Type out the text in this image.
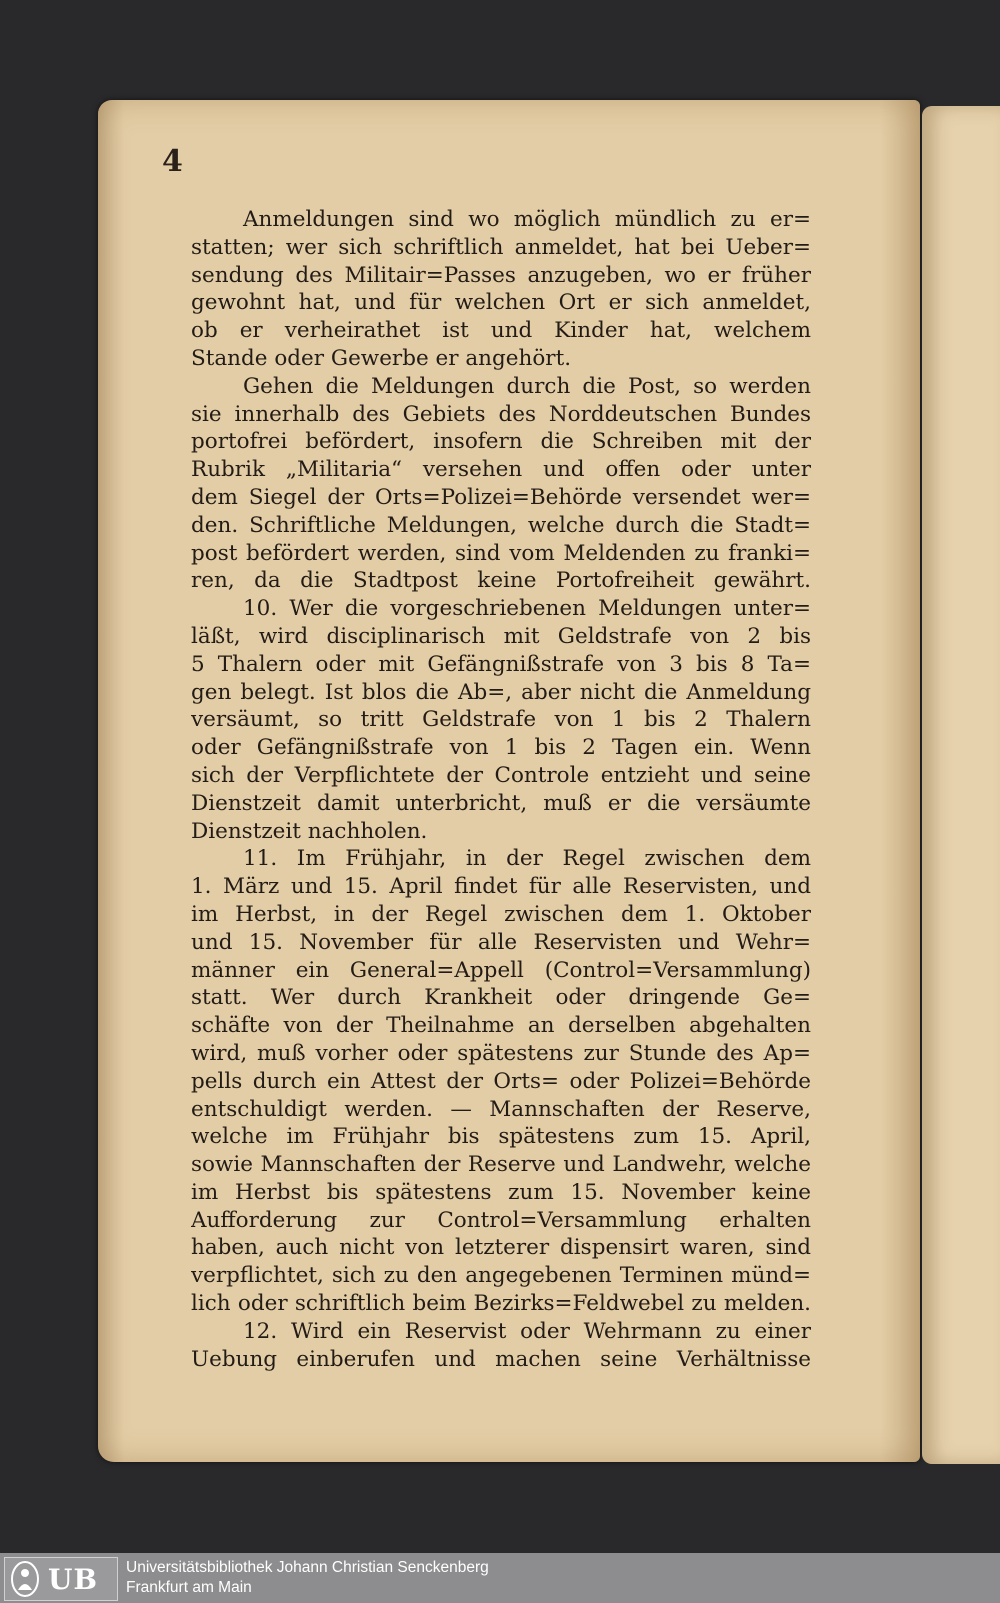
4
Anmeldungen sind wo möglich mündlich zu er=
statten; wer sich schriftlich anmeldet, hat bei Ueber=
sendung des Militair=Passes anzugeben, wo er früher
gewohnt hat, und für welchen Ort er sich anmeldet,
ob er verheirathet ist und Kinder hat, welchem
Stande oder Gewerbe er angehört.
Gehen die Meldungen durch die Post, so werden
sie innerhalb des Gebiets des Norddeutschen Bundes
portofrei befördert, insofern die Schreiben mit der
Rubrik „Militaria“ versehen und offen oder unter
dem Siegel der Orts=Polizei=Behörde versendet wer=
den. Schriftliche Meldungen, welche durch die Stadt=
post befördert werden, sind vom Meldenden zu franki=
ren, da die Stadtpost keine Portofreiheit gewährt.
10. Wer die vorgeschriebenen Meldungen unter=
läßt, wird disciplinarisch mit Geldstrafe von 2 bis
5 Thalern oder mit Gefängnißstrafe von 3 bis 8 Ta=
gen belegt. Ist blos die Ab=, aber nicht die Anmeldung
versäumt, so tritt Geldstrafe von 1 bis 2 Thalern
oder Gefängnißstrafe von 1 bis 2 Tagen ein. Wenn
sich der Verpflichtete der Controle entzieht und seine
Dienstzeit damit unterbricht, muß er die versäumte
Dienstzeit nachholen.
11. Im Frühjahr, in der Regel zwischen dem
1. März und 15. April findet für alle Reservisten, und
im Herbst, in der Regel zwischen dem 1. Oktober
und 15. November für alle Reservisten und Wehr=
männer ein General=Appell (Control=Versammlung)
statt. Wer durch Krankheit oder dringende Ge=
schäfte von der Theilnahme an derselben abgehalten
wird, muß vorher oder spätestens zur Stunde des Ap=
pells durch ein Attest der Orts= oder Polizei=Behörde
entschuldigt werden. — Mannschaften der Reserve,
welche im Frühjahr bis spätestens zum 15. April,
sowie Mannschaften der Reserve und Landwehr, welche
im Herbst bis spätestens zum 15. November keine
Aufforderung zur Control=Versammlung erhalten
haben, auch nicht von letzterer dispensirt waren, sind
verpflichtet, sich zu den angegebenen Terminen münd=
lich oder schriftlich beim Bezirks=Feldwebel zu melden.
12. Wird ein Reservist oder Wehrmann zu einer
Uebung einberufen und machen seine Verhältnisse
UB Universitätsbibliothek Johann Christian Senckenberg
Frankfurt am Main
